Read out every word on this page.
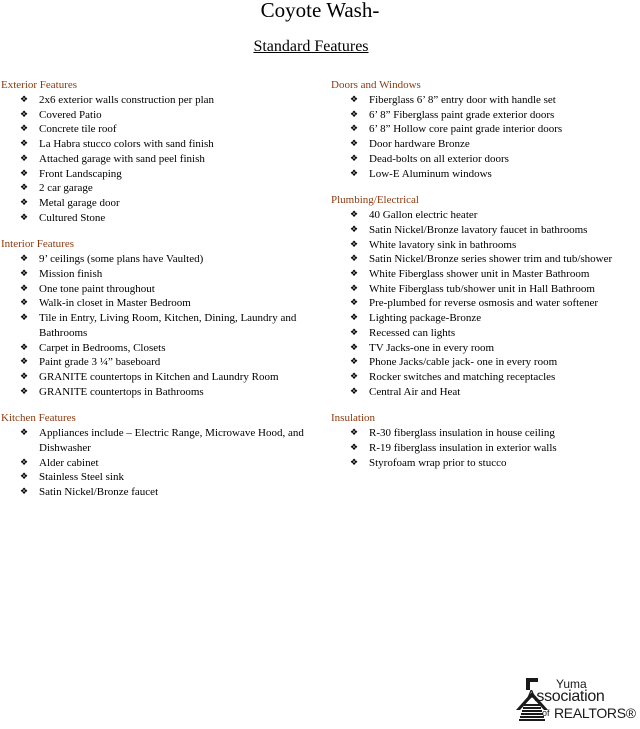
Coyote Wash-
Standard Features
Exterior Features
❖ 2x6 exterior walls construction per plan
❖ Covered Patio
❖ Concrete tile roof
❖ La Habra stucco colors with sand finish
❖ Attached garage with sand peel finish
❖ Front Landscaping
❖ 2 car garage
❖ Metal garage door
❖ Cultured Stone
Interior Features
❖ 9’ ceilings (some plans have Vaulted)
❖ Mission finish
❖ One tone paint throughout
❖ Walk-in closet in Master Bedroom
❖ Tile in Entry, Living Room, Kitchen, Dining, Laundry and Bathrooms
❖ Carpet in Bedrooms, Closets
❖ Paint grade 3 ¼” baseboard
❖ GRANITE countertops in Kitchen and Laundry Room
❖ GRANITE countertops in Bathrooms
Kitchen Features
❖ Appliances include – Electric Range, Microwave Hood, and Dishwasher
❖ Alder cabinet
❖ Stainless Steel sink
❖ Satin Nickel/Bronze faucet
Doors and Windows
❖ Fiberglass 6’ 8” entry door with handle set
❖ 6’ 8” Fiberglass paint grade exterior doors
❖ 6’ 8” Hollow core paint grade interior doors
❖ Door hardware Bronze
❖ Dead-bolts on all exterior doors
❖ Low-E Aluminum windows
Plumbing/Electrical
❖ 40 Gallon electric heater
❖ Satin Nickel/Bronze lavatory faucet in bathrooms
❖ White lavatory sink in bathrooms
❖ Satin Nickel/Bronze series shower trim and tub/shower
❖ White Fiberglass shower unit in Master Bathroom
❖ White Fiberglass tub/shower unit in Hall Bathroom
❖ Pre-plumbed for reverse osmosis and water softener
❖ Lighting package-Bronze
❖ Recessed can lights
❖ TV Jacks-one in every room
❖ Phone Jacks/cable jack- one in every room
❖ Rocker switches and matching receptacles
❖ Central Air and Heat
Insulation
❖ R-30 fiberglass insulation in house ceiling
❖ R-19 fiberglass insulation in exterior walls
❖ Styrofoam wrap prior to stucco
Yuma
Association
of REALTORS®
